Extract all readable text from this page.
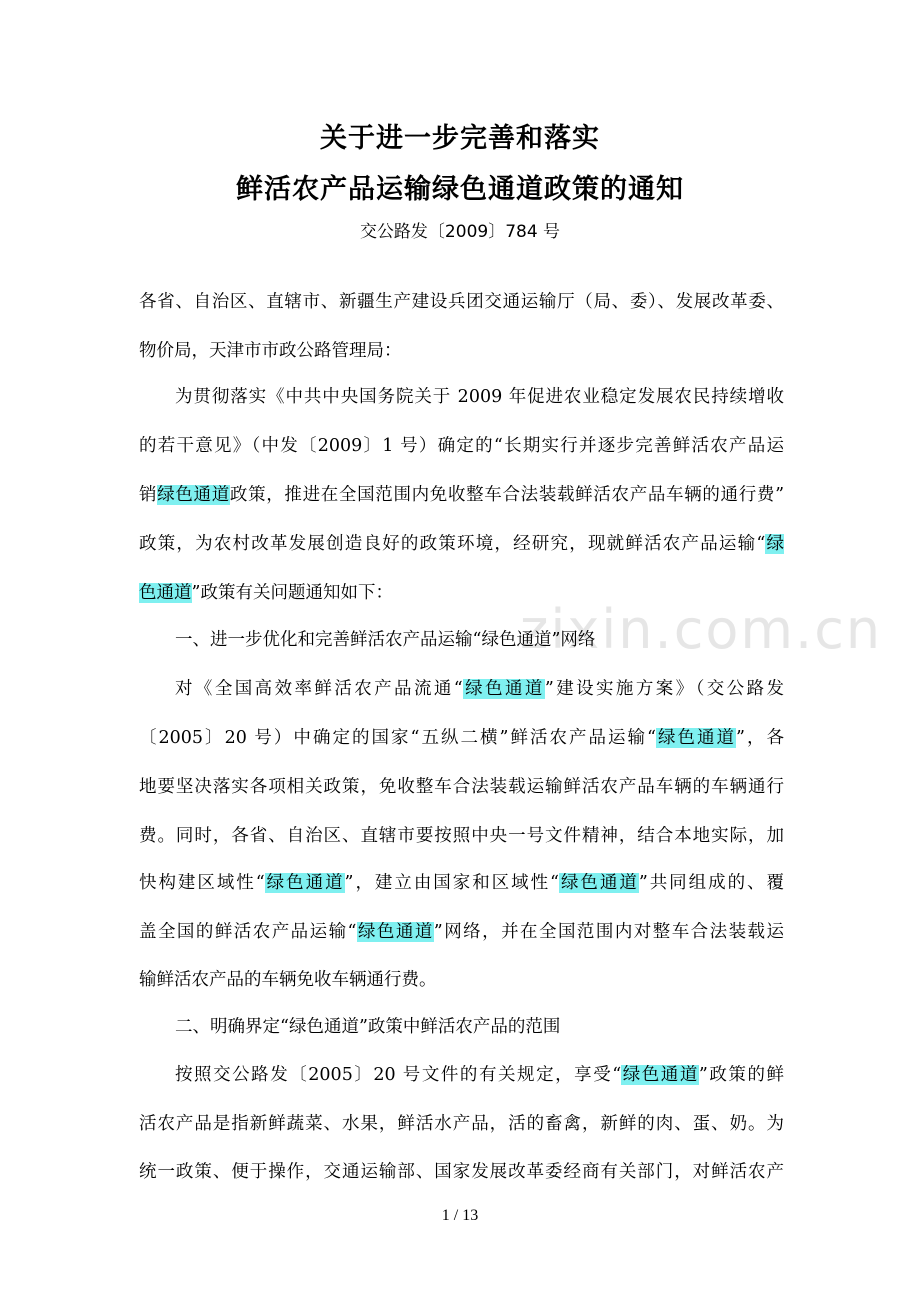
关于进一步完善和落实
鲜活农产品运输绿色通道政策的通知
交公路发〔2009〕784 号
zixin.com.cn
各省、自治区、直辖市、新疆生产建设兵团交通运输厅（局、委）、发展改革委、
物价局，天津市市政公路管理局：
为贯彻落实《中共中央国务院关于 2009 年促进农业稳定发展农民持续增收
的若干意见》（中发〔2009〕1 号）确定的“长期实行并逐步完善鲜活农产品运
销绿色通道政策，推进在全国范围内免收整车合法装载鲜活农产品车辆的通行费”
政策，为农村改革发展创造良好的政策环境，经研究，现就鲜活农产品运输“绿
色通道”政策有关问题通知如下：
一、进一步优化和完善鲜活农产品运输“绿色通道”网络
对《全国高效率鲜活农产品流通“绿色通道”建设实施方案》（交公路发
〔2005〕20 号）中确定的国家“五纵二横”鲜活农产品运输“绿色通道”，各
地要坚决落实各项相关政策，免收整车合法装载运输鲜活农产品车辆的车辆通行
费。同时，各省、自治区、直辖市要按照中央一号文件精神，结合本地实际，加
快构建区域性“绿色通道”，建立由国家和区域性“绿色通道”共同组成的、覆
盖全国的鲜活农产品运输“绿色通道”网络，并在全国范围内对整车合法装载运
输鲜活农产品的车辆免收车辆通行费。
二、明确界定“绿色通道”政策中鲜活农产品的范围
按照交公路发〔2005〕20 号文件的有关规定，享受“绿色通道”政策的鲜
活农产品是指新鲜蔬菜、水果，鲜活水产品，活的畜禽，新鲜的肉、蛋、奶。为
统一政策、便于操作，交通运输部、国家发展改革委经商有关部门，对鲜活农产
1 / 13
